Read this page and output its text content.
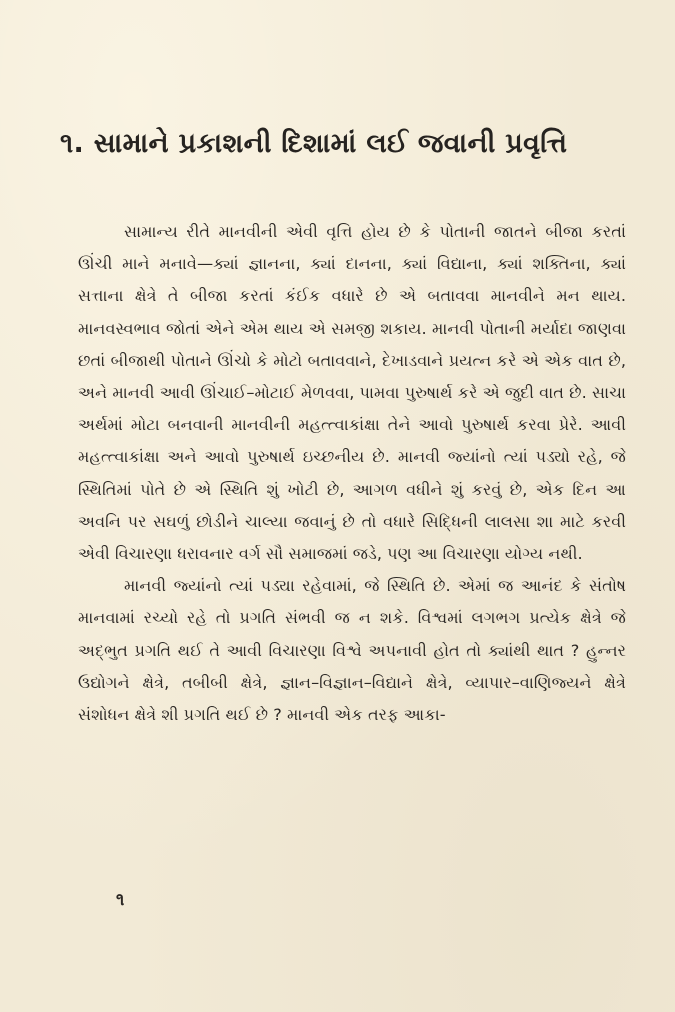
૧. સામાને પ્રકાશની દિશામાં લઈ જવાની પ્રવૃત્તિ

સામાન્ય રીતે માનવીની એવી વૃત્તિ હોય છે કે પોતાની જાતને બીજા કરતાં ઊંચી માને મનાવે—ક્યાં જ્ઞાનના, ક્યાં દાનના, ક્યાં વિદ્યાના, ક્યાં શક્તિના, ક્યાં સત્તાના ક્ષેત્રે તે બીજા કરતાં કંઈક વધારે છે એ બતાવવા માનવીને મન થાય. માનવસ્વભાવ જોતાં એને એમ થાય એ સમજી શકાય. માનવી પોતાની મર્યાદા જાણવા છતાં બીજાથી પોતાને ઊંચો કે મોટો બતાવવાને, દેખાડવાને પ્રયત્ન કરે એ એક વાત છે, અને માનવી આવી ઊંચાઈ–મોટાઈ મેળવવા, પામવા પુરુષાર્થ કરે એ જુદી વાત છે. સાચા અર્થમાં મોટા બનવાની માનવીની મહત્ત્વાકાંક્ષા તેને આવો પુરુષાર્થ કરવા પ્રેરે. આવી મહત્ત્વાકાંક્ષા અને આવો પુરુષાર્થ ઇચ્છનીય છે. માનવી જ્યાંનો ત્યાં પડ્યો રહે, જે સ્થિતિમાં પોતે છે એ સ્થિતિ શું ખોટી છે, આગળ વધીને શું કરવું છે, એક દિન આ અવનિ પર સઘળું છોડીને ચાલ્યા જવાનું છે તો વધારે સિદ્ધિની લાલસા શા માટે કરવી એવી વિચારણા ધરાવનાર વર્ગ સૌ સમાજમાં જડે, પણ આ વિચારણા યોગ્ય નથી.

માનવી જ્યાંનો ત્યાં પડ્યા રહેવામાં, જે સ્થિતિ છે. એમાં જ આનંદ કે સંતોષ માનવામાં રચ્યો રહે તો પ્રગતિ સંભવી જ ન શકે. વિશ્વમાં લગભગ પ્રત્યેક ક્ષેત્રે જે અદ્ભુત પ્રગતિ થઈ તે આવી વિચારણા વિશ્વે અપનાવી હોત તો ક્યાંથી થાત ? હુન્નર ઉદ્યોગને ક્ષેત્રે, તબીબી ક્ષેત્રે, જ્ઞાન–વિજ્ઞાન–વિદ્યાને ક્ષેત્રે, વ્યાપાર–વાણિજ્યને ક્ષેત્રે સંશોધન ક્ષેત્રે શી પ્રગતિ થઈ છે ? માનવી એક તરફ આકા-

૧
